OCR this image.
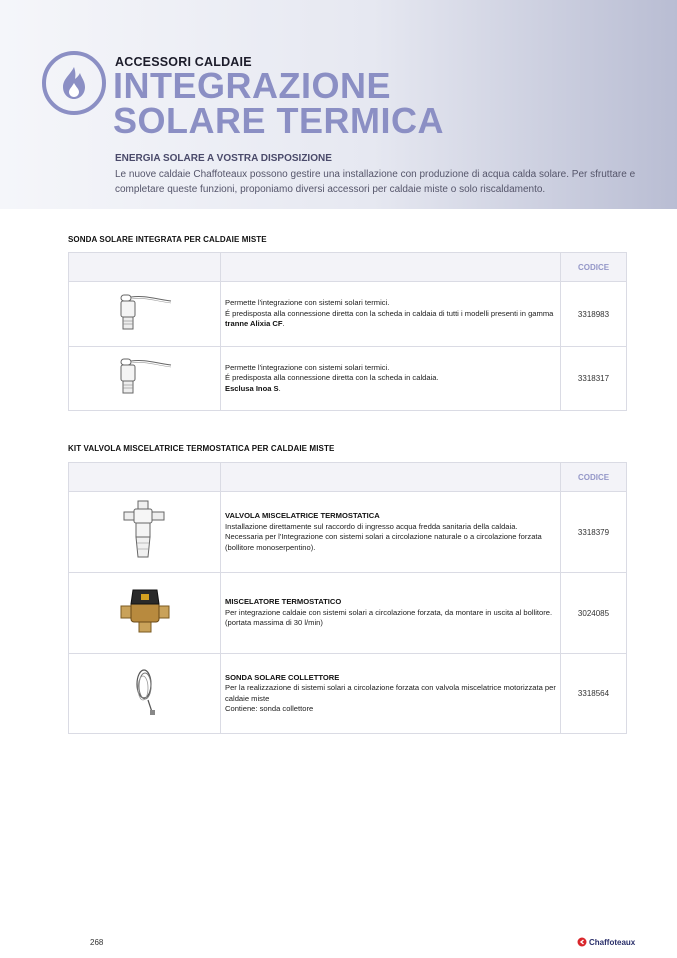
ACCESSORI CALDAIE
INTEGRAZIONE
SOLARE TERMICA
ENERGIA SOLARE A VOSTRA DISPOSIZIONE
Le nuove caldaie Chaffoteaux possono gestire una installazione con produzione di acqua calda solare. Per sfruttare e completare queste funzioni, proponiamo diversi accessori per caldaie miste o solo riscaldamento.
SONDA SOLARE INTEGRATA PER CALDAIE MISTE
		CODICE

Permette l'integrazione con sistemi solari termici.
É predisposta alla connessione diretta con la scheda in caldaia di tutti i modelli presenti in gamma tranne Alixia CF.	3318983

Permette l'integrazione con sistemi solari termici.
É predisposta alla connessione diretta con la scheda in caldaia.
Esclusa Inoa S.	3318317
KIT VALVOLA MISCELATRICE TERMOSTATICA PER CALDAIE MISTE
		CODICE

VALVOLA MISCELATRICE TERMOSTATICA
Installazione direttamente sul raccordo di ingresso acqua fredda sanitaria della caldaia. Necessaria per l'Integrazione con sistemi solari a circolazione naturale o a circolazione forzata (bollitore monoserpentino).	3318379

MISCELATORE TERMOSTATICO
Per integrazione caldaie con sistemi solari a circolazione forzata, da montare in uscita al bollitore. (portata massima di 30 l/min)	3024085

SONDA SOLARE COLLETTORE
Per la realizzazione di sistemi solari a circolazione forzata con valvola miscelatrice motorizzata per caldaie miste
Contiene: sonda collettore	3318564
268	Chaffoteaux
